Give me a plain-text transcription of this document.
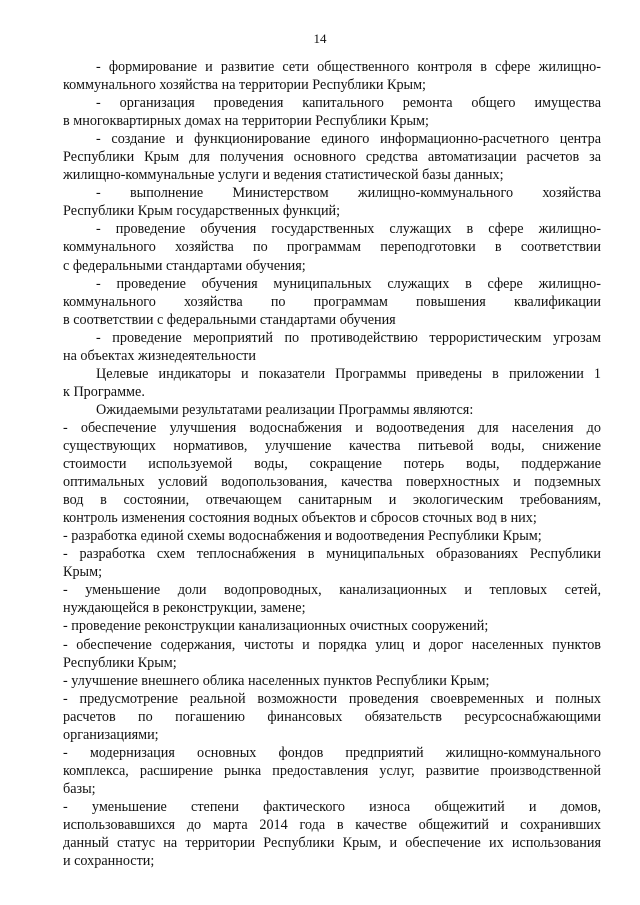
14
- формирование и развитие сети общественного контроля в сфере жилищно-
коммунального хозяйства на территории Республики Крым;
- организация проведения капитального ремонта общего имущества
в многоквартирных домах на территории Республики Крым;
- создание и функционирование единого информационно-расчетного центра
Республики Крым для получения основного средства автоматизации расчетов за
жилищно-коммунальные услуги и ведения статистической базы данных;
- выполнение Министерством жилищно-коммунального хозяйства
Республики Крым государственных функций;
- проведение обучения государственных служащих в сфере жилищно-
коммунального хозяйства по программам переподготовки в соответствии
с федеральными стандартами обучения;
- проведение обучения муниципальных служащих в сфере жилищно-
коммунального хозяйства по программам повышения квалификации
в соответствии с федеральными стандартами обучения
- проведение мероприятий по противодействию террористическим угрозам
на объектах жизнедеятельности
Целевые индикаторы и показатели Программы приведены в приложении 1
к Программе.
Ожидаемыми результатами реализации Программы являются:
- обеспечение улучшения водоснабжения и водоотведения для населения до
существующих нормативов, улучшение качества питьевой воды, снижение
стоимости используемой воды, сокращение потерь воды, поддержание
оптимальных условий водопользования, качества поверхностных и подземных
вод в состоянии, отвечающем санитарным и экологическим требованиям,
контроль изменения состояния водных объектов и сбросов сточных вод в них;
- разработка единой схемы водоснабжения и водоотведения Республики Крым;
- разработка схем теплоснабжения в муниципальных образованиях Республики
Крым;
- уменьшение доли водопроводных, канализационных и тепловых сетей,
нуждающейся в реконструкции, замене;
- проведение реконструкции канализационных очистных сооружений;
- обеспечение содержания, чистоты и порядка улиц и дорог населенных пунктов
Республики Крым;
- улучшение внешнего облика населенных пунктов Республики Крым;
- предусмотрение реальной возможности проведения своевременных и полных
расчетов по погашению финансовых обязательств ресурсоснабжающими
организациями;
- модернизация основных фондов предприятий жилищно-коммунального
комплекса, расширение рынка предоставления услуг, развитие производственной
базы;
- уменьшение степени фактического износа общежитий и домов,
использовавшихся до марта 2014 года в качестве общежитий и сохранивших
данный статус на территории Республики Крым, и обеспечение их использования
и сохранности;
